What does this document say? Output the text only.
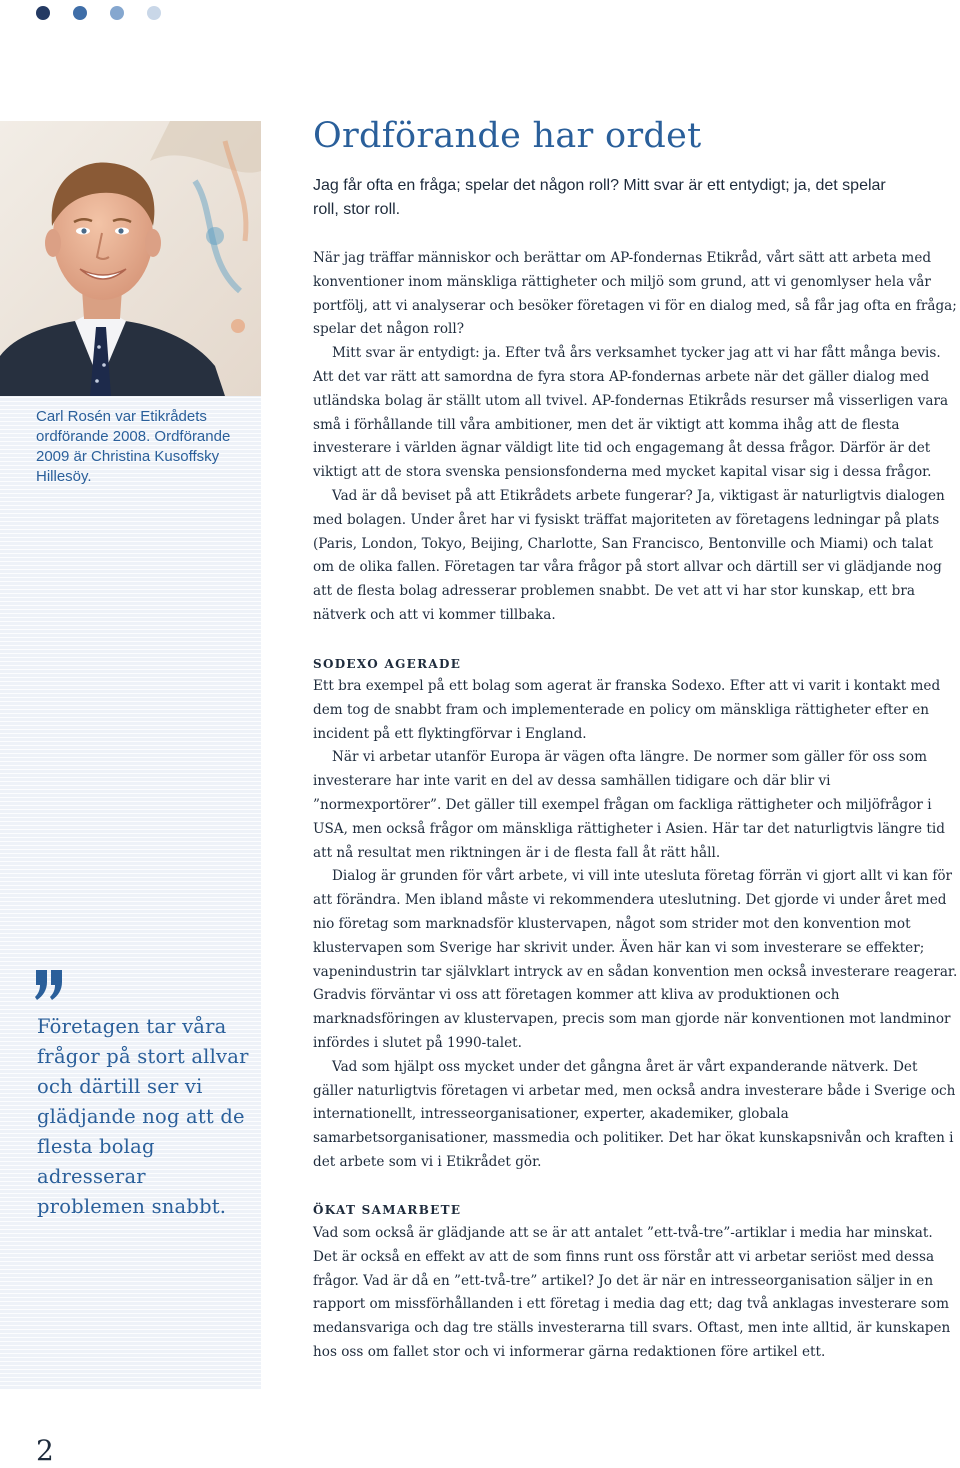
Carl Rosén var Etikrådets ordförande 2008. Ordförande 2009 är Christina Kusoffsky Hillesöy.
Företagen tar våra frågor på stort allvar och därtill ser vi glädjande nog att de flesta bolag adresserar problemen snabbt.
Ordförande har ordet

Jag får ofta en fråga; spelar det någon roll? Mitt svar är ett entydigt; ja, det spelar roll, stor roll.

När jag träffar människor och berättar om AP-fondernas Etikråd, vårt sätt att arbeta med konventioner inom mänskliga rättigheter och miljö som grund, att vi genomlyser hela vår portfölj, att vi analyserar och besöker företagen vi för en dialog med, så får jag ofta en fråga; spelar det någon roll?

Mitt svar är entydigt: ja. Efter två års verksamhet tycker jag att vi har fått många bevis. Att det var rätt att samordna de fyra stora AP-fondernas arbete när det gäller dialog med utländska bolag är ställt utom all tvivel. AP-fondernas Etikråds resurser må visserligen vara små i förhållande till våra ambitioner, men det är viktigt att komma ihåg att de flesta investerare i världen ägnar väldigt lite tid och engagemang åt dessa frågor. Därför är det viktigt att de stora svenska pensionsfonderna med mycket kapital visar sig i dessa frågor.

Vad är då beviset på att Etikrådets arbete fungerar? Ja, viktigast är naturligtvis dialogen med bolagen. Under året har vi fysiskt träffat majoriteten av företagens ledningar på plats (Paris, London, Tokyo, Beijing, Charlotte, San Francisco, Bentonville och Miami) och talat om de olika fallen. Företagen tar våra frågor på stort allvar och därtill ser vi glädjande nog att de flesta bolag adresserar problemen snabbt. De vet att vi har stor kunskap, ett bra nätverk och att vi kommer tillbaka.

SODEXO AGERADE

Ett bra exempel på ett bolag som agerat är franska Sodexo. Efter att vi varit i kontakt med dem tog de snabbt fram och implementerade en policy om mänskliga rättigheter efter en incident på ett flyktingförvar i England.

När vi arbetar utanför Europa är vägen ofta längre. De normer som gäller för oss som investerare har inte varit en del av dessa samhällen tidigare och där blir vi ”normexportörer”. Det gäller till exempel frågan om fackliga rättigheter och miljöfrågor i USA, men också frågor om mänskliga rättigheter i Asien. Här tar det naturligtvis längre tid att nå resultat men riktningen är i de flesta fall åt rätt håll.

Dialog är grunden för vårt arbete, vi vill inte utesluta företag förrän vi gjort allt vi kan för att förändra. Men ibland måste vi rekommendera uteslutning. Det gjorde vi under året med nio företag som marknadsför klustervapen, något som strider mot den konvention mot klustervapen som Sverige har skrivit under. Även här kan vi som investerare se effekter; vapenindustrin tar självklart intryck av en sådan konvention men också investerare reagerar. Gradvis förväntar vi oss att företagen kommer att kliva av produktionen och marknadsföringen av klustervapen, precis som man gjorde när konventionen mot landminor infördes i slutet på 1990-talet.

Vad som hjälpt oss mycket under det gångna året är vårt expanderande nätverk. Det gäller naturligtvis företagen vi arbetar med, men också andra investerare både i Sverige och internationellt, intresseorganisationer, experter, akademiker, globala samarbetsorganisationer, massmedia och politiker. Det har ökat kunskapsnivån och kraften i det arbete som vi i Etikrådet gör.

ÖKAT SAMARBETE

Vad som också är glädjande att se är att antalet ”ett-två-tre”-artiklar i media har minskat. Det är också en effekt av att de som finns runt oss förstår att vi arbetar seriöst med dessa frågor. Vad är då en ”ett-två-tre” artikel? Jo det är när en intresseorganisation säljer in en rapport om missförhållanden i ett företag i media dag ett; dag två anklagas investerare som medansvariga och dag tre ställs investerarna till svars. Oftast, men inte alltid, är kunskapen hos oss om fallet stor och vi informerar gärna redaktionen före artikel ett.

2
